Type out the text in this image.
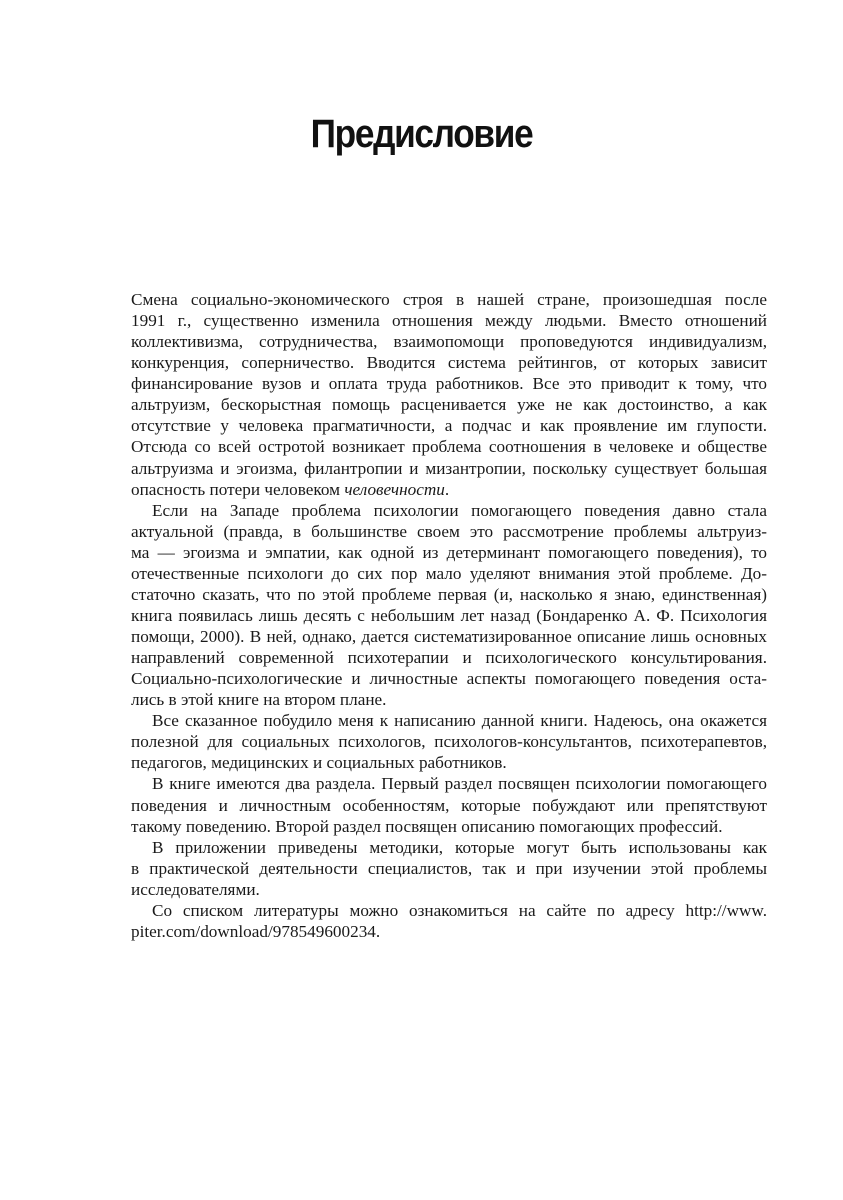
Предисловие
Смена социально-экономического строя в нашей стране, произошедшая после
1991 г., существенно изменила отношения между людьми. Вместо отношений
коллективизма, сотрудничества, взаимопомощи проповедуются индивидуализм,
конкуренция, соперничество. Вводится система рейтингов, от которых зависит
финансирование вузов и оплата труда работников. Все это приводит к тому, что
альтруизм, бескорыстная помощь расценивается уже не как достоинство, а как
отсутствие у человека прагматичности, а подчас и как проявление им глупости.
Отсюда со всей остротой возникает проблема соотношения в человеке и обществе
альтруизма и эгоизма, филантропии и мизантропии, поскольку существует большая
опасность потери человеком человечности.
Если на Западе проблема психологии помогающего поведения давно стала
актуальной (правда, в большинстве своем это рассмотрение проблемы альтруиз-
ма — эгоизма и эмпатии, как одной из детерминант помогающего поведения), то
отечественные психологи до сих пор мало уделяют внимания этой проблеме. До-
статочно сказать, что по этой проблеме первая (и, насколько я знаю, единственная)
книга появилась лишь десять с небольшим лет назад (Бондаренко А. Ф. Психология
помощи, 2000). В ней, однако, дается систематизированное описание лишь основных
направлений современной психотерапии и психологического консультирования.
Социально-психологические и личностные аспекты помогающего поведения оста-
лись в этой книге на втором плане.
Все сказанное побудило меня к написанию данной книги. Надеюсь, она окажется
полезной для социальных психологов, психологов-консультантов, психотерапевтов,
педагогов, медицинских и социальных работников.
В книге имеются два раздела. Первый раздел посвящен психологии помогающего
поведения и личностным особенностям, которые побуждают или препятствуют
такому поведению. Второй раздел посвящен описанию помогающих профессий.
В приложении приведены методики, которые могут быть использованы как
в практической деятельности специалистов, так и при изучении этой проблемы
исследователями.
Со списком литературы можно ознакомиться на сайте по адресу http://www.
piter.com/download/978549600234.
